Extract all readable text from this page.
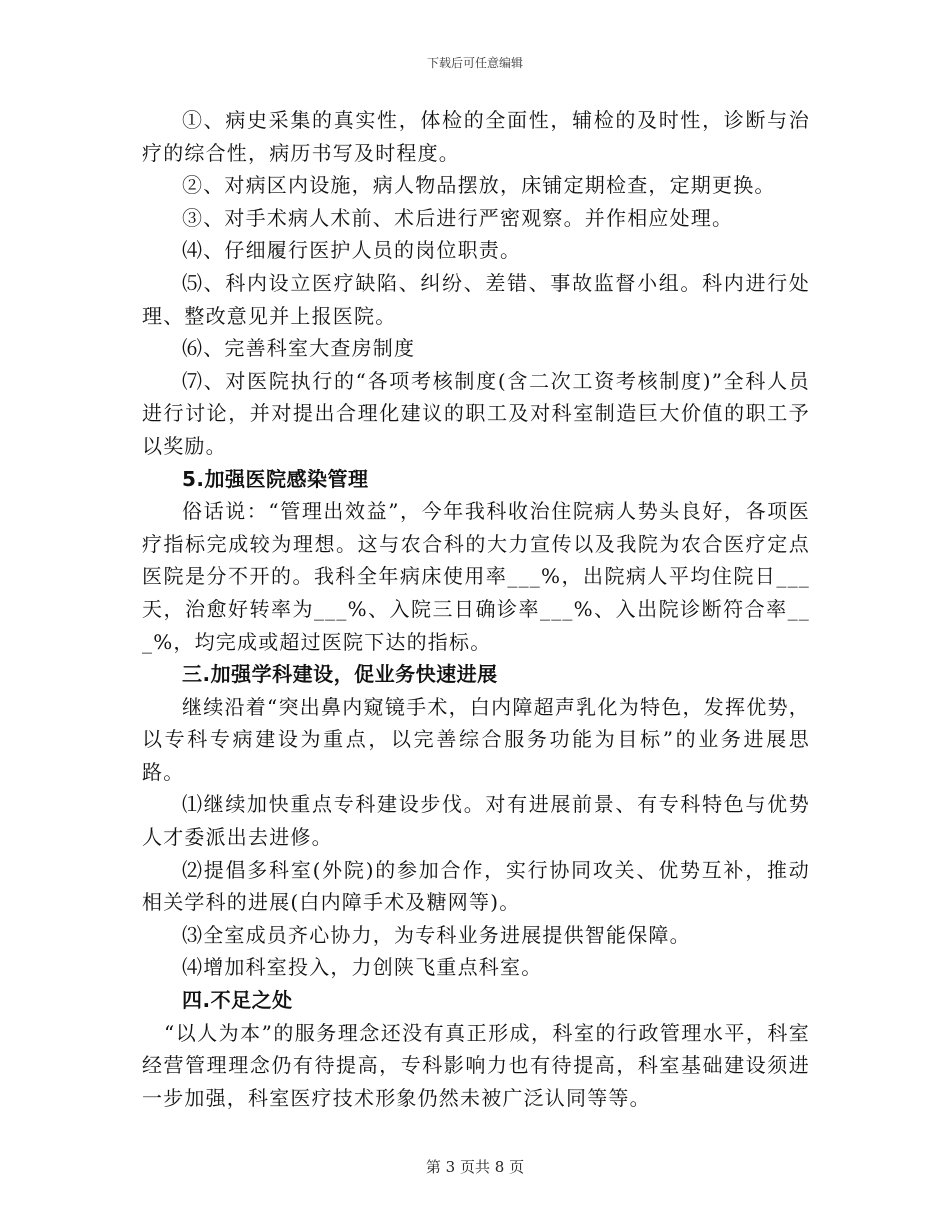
下载后可任意编辑

①、病史采集的真实性，体检的全面性，辅检的及时性，诊断与治疗的综合性，病历书写及时程度。

②、对病区内设施，病人物品摆放，床铺定期检查，定期更换。

③、对手术病人术前、术后进行严密观察。并作相应处理。

⑷、仔细履行医护人员的岗位职责。

⑸、科内设立医疗缺陷、纠纷、差错、事故监督小组。科内进行处理、整改意见并上报医院。

⑹、完善科室大查房制度

⑺、对医院执行的“各项考核制度(含二次工资考核制度)”全科人员进行讨论，并对提出合理化建议的职工及对科室制造巨大价值的职工予以奖励。

5.加强医院感染管理

俗话说：“管理出效益”，今年我科收治住院病人势头良好，各项医疗指标完成较为理想。这与农合科的大力宣传以及我院为农合医疗定点医院是分不开的。我科全年病床使用率___%，出院病人平均住院日___天，治愈好转率为___%、入院三日确诊率___%、入出院诊断符合率___%，均完成或超过医院下达的指标。

三.加强学科建设，促业务快速进展

继续沿着“突出鼻内窥镜手术，白内障超声乳化为特色，发挥优势，以专科专病建设为重点，以完善综合服务功能为目标”的业务进展思路。

⑴继续加快重点专科建设步伐。对有进展前景、有专科特色与优势人才委派出去进修。

⑵提倡多科室(外院)的参加合作，实行协同攻关、优势互补，推动相关学科的进展(白内障手术及糖网等)。

⑶全室成员齐心协力，为专科业务进展提供智能保障。

⑷增加科室投入，力创陕飞重点科室。

四.不足之处

“以人为本”的服务理念还没有真正形成，科室的行政管理水平，科室经营管理理念仍有待提高，专科影响力也有待提高，科室基础建设须进一步加强，科室医疗技术形象仍然未被广泛认同等等。

第 3 页共 8 页
